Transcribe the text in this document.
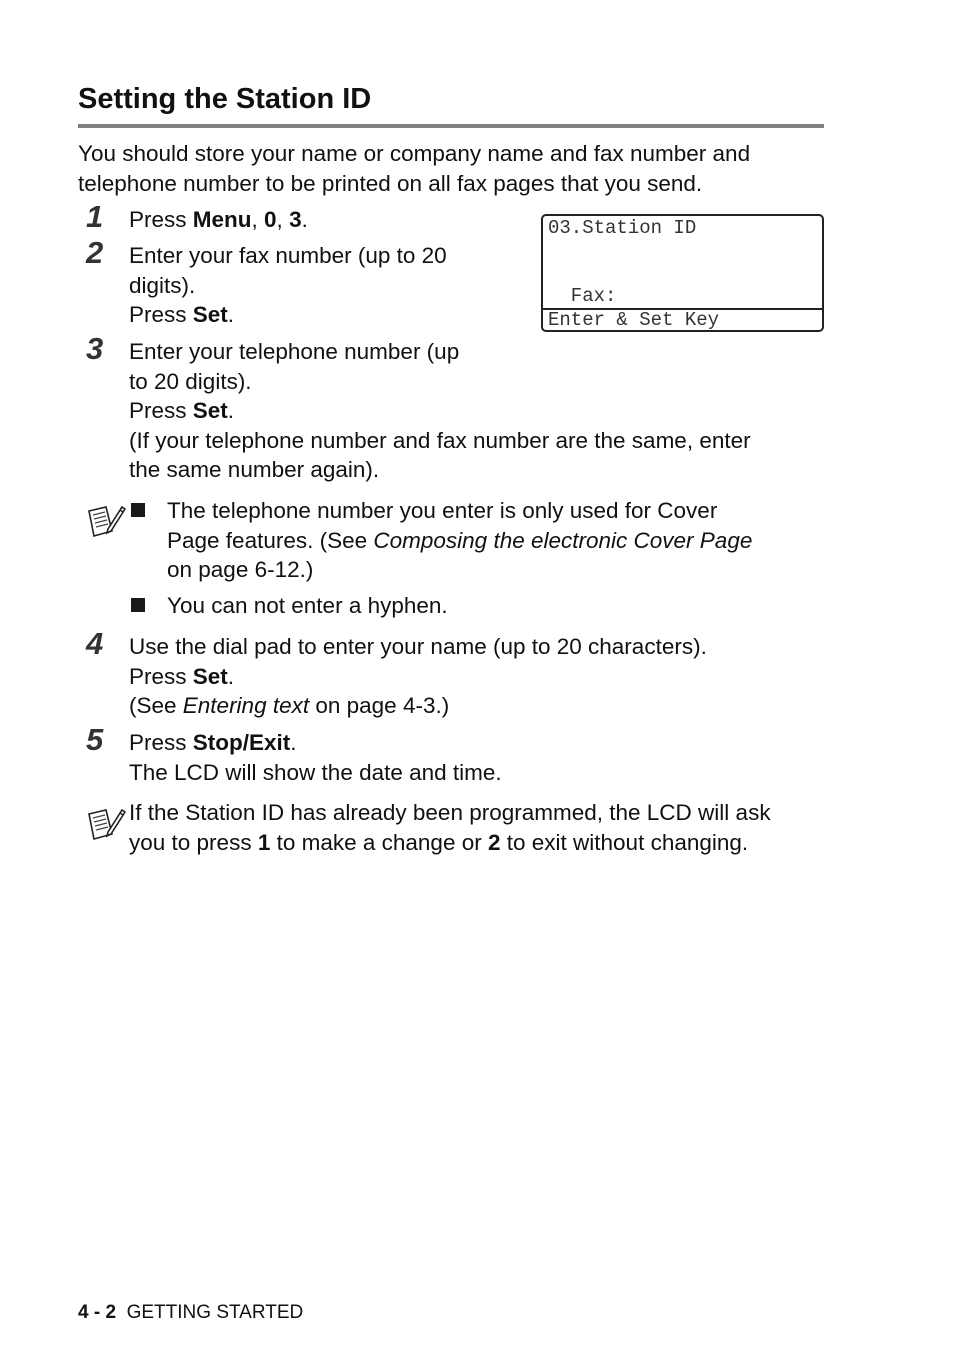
Setting the Station ID
You should store your name or company name and fax number and
telephone number to be printed on all fax pages that you send.
03.Station ID
Fax:
Enter & Set Key
1 Press Menu, 0, 3.
2 Enter your fax number (up to 20
digits).
Press Set.
3 Enter your telephone number (up
to 20 digits).
Press Set.
(If your telephone number and fax number are the same, enter
the same number again).
The telephone number you enter is only used for Cover
Page features. (See Composing the electronic Cover Page
on page 6-12.)
You can not enter a hyphen.
4 Use the dial pad to enter your name (up to 20 characters).
Press Set.
(See Entering text on page 4-3.)
5 Press Stop/Exit.
The LCD will show the date and time.
If the Station ID has already been programmed, the LCD will ask
you to press 1 to make a change or 2 to exit without changing.
4 - 2 GETTING STARTED
